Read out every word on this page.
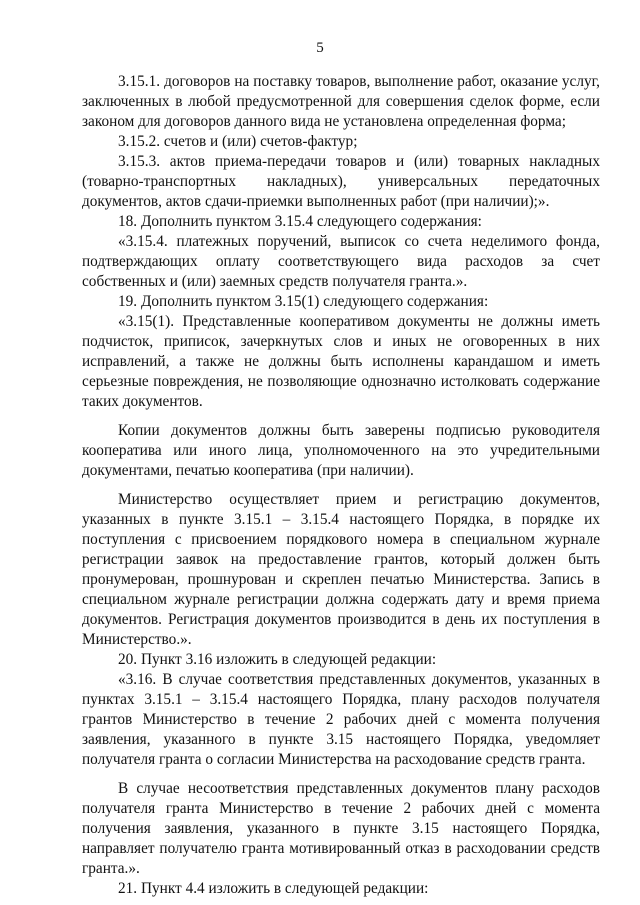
5

3.15.1. договоров на поставку товаров, выполнение работ, оказание услуг, заключенных в любой предусмотренной для совершения сделок форме, если законом для договоров данного вида не установлена определенная форма;

3.15.2. счетов и (или) счетов-фактур;

3.15.3. актов приема-передачи товаров и (или) товарных накладных (товарно-транспортных накладных), универсальных передаточных документов, актов сдачи-приемки выполненных работ (при наличии);».

18. Дополнить пунктом 3.15.4 следующего содержания:

«3.15.4. платежных поручений, выписок со счета неделимого фонда, подтверждающих оплату соответствующего вида расходов за счет собственных и (или) заемных средств получателя гранта.».

19. Дополнить пунктом 3.15(1) следующего содержания:

«3.15(1). Представленные кооперативом документы не должны иметь подчисток, приписок, зачеркнутых слов и иных не оговоренных в них исправлений, а также не должны быть исполнены карандашом и иметь серьезные повреждения, не позволяющие однозначно истолковать содержание таких документов.

Копии документов должны быть заверены подписью руководителя кооператива или иного лица, уполномоченного на это учредительными документами, печатью кооператива (при наличии).

Министерство осуществляет прием и регистрацию документов, указанных в пункте 3.15.1 – 3.15.4 настоящего Порядка, в порядке их поступления с присвоением порядкового номера в специальном журнале регистрации заявок на предоставление грантов, который должен быть пронумерован, прошнурован и скреплен печатью Министерства. Запись в специальном журнале регистрации должна содержать дату и время приема документов. Регистрация документов производится в день их поступления в Министерство.».

20. Пункт 3.16 изложить в следующей редакции:

«3.16. В случае соответствия представленных документов, указанных в пунктах 3.15.1 – 3.15.4 настоящего Порядка, плану расходов получателя грантов Министерство в течение 2 рабочих дней с момента получения заявления, указанного в пункте 3.15 настоящего Порядка, уведомляет получателя гранта о согласии Министерства на расходование средств гранта.

В случае несоответствия представленных документов плану расходов получателя гранта Министерство в течение 2 рабочих дней с момента получения заявления, указанного в пункте 3.15 настоящего Порядка, направляет получателю гранта мотивированный отказ в расходовании средств гранта.».

21. Пункт 4.4 изложить в следующей редакции:
